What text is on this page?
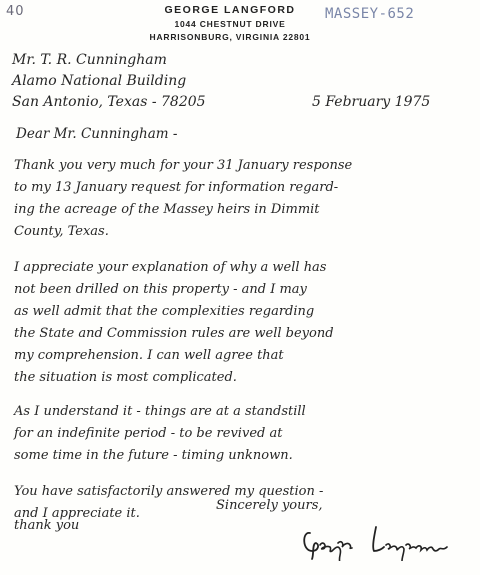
40	MASSEY-652
GEORGE LANGFORD
1044 CHESTNUT DRIVE
HARRISONBURG, VIRGINIA 22801
Mr. T. R. Cunningham
Alamo National Building
San Antonio, Texas - 78205	5 February 1975
Dear Mr. Cunningham -
Thank you very much for your 31 January response
to my 13 January request for information regard-
ing the acreage of the Massey heirs in Dimmit
County, Texas.
I appreciate your explanation of why a well has
not been drilled on this property - and I may
as well admit that the complexities regarding
the State and Commission rules are well beyond
my comprehension. I can well agree that
the situation is most complicated.
As I understand it - things are at a standstill
for an indefinite period - to be revived at
some time in the future - timing unknown.
You have satisfactorily answered my question -
and I appreciate it.
Sincerely yours,
thank you
